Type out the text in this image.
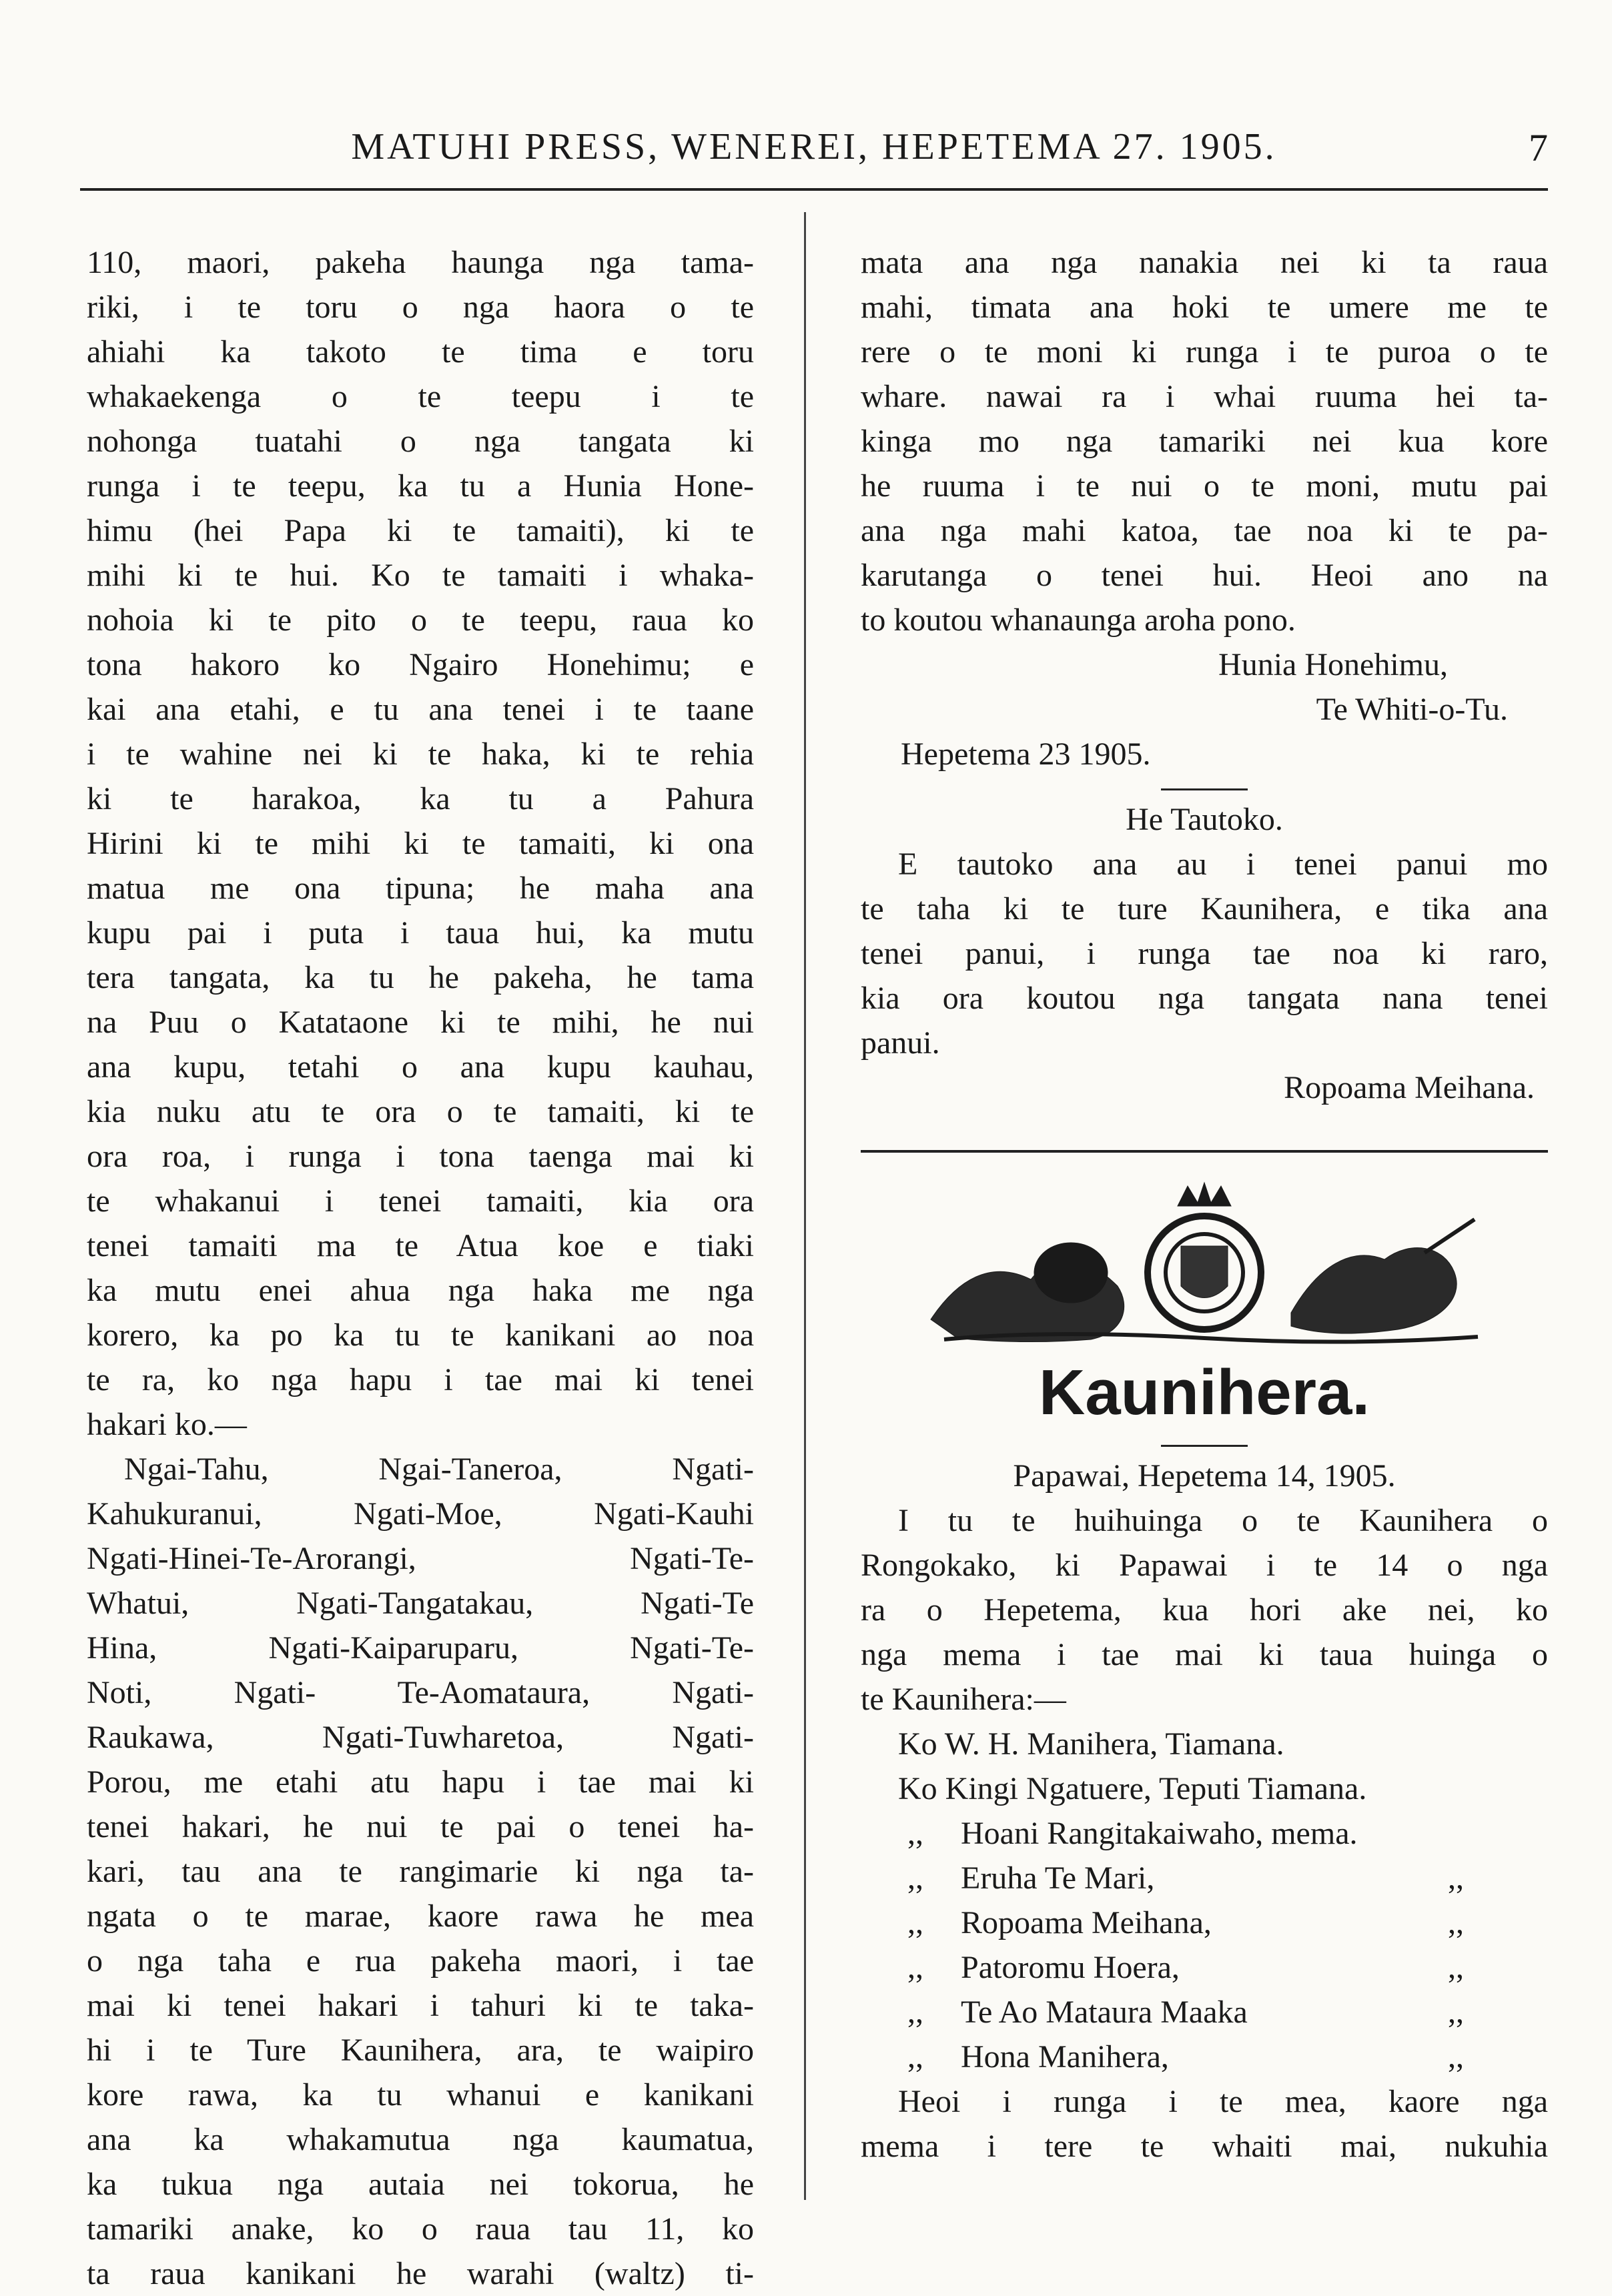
MATUHI PRESS, WENEREI, HEPETEMA 27. 1905.	7
110, maori, pakeha haunga nga tama-
riki, i te toru o nga haora o te
ahiahi ka takoto te tima e toru
whakaekenga o te teepu i te
nohonga tuatahi o nga tangata ki
runga i te teepu, ka tu a Hunia Hone-
himu (hei Papa ki te tamaiti), ki te
mihi ki te hui. Ko te tamaiti i whaka-
nohoia ki te pito o te teepu, raua ko
tona hakoro ko Ngairo Honehimu; e
kai ana etahi, e tu ana tenei i te taane
i te wahine nei ki te haka, ki te rehia
ki te harakoa, ka tu a Pahura
Hirini ki te mihi ki te tamaiti, ki ona
matua me ona tipuna; he maha ana
kupu pai i puta i taua hui, ka mutu
tera tangata, ka tu he pakeha, he tama
na Puu o Katataone ki te mihi, he nui
ana kupu, tetahi o ana kupu kauhau,
kia nuku atu te ora o te tamaiti, ki te
ora roa, i runga i tona taenga mai ki
te whakanui i tenei tamaiti, kia ora
tenei tamaiti ma te Atua koe e tiaki
ka mutu enei ahua nga haka me nga
korero, ka po ka tu te kanikani ao noa
te ra, ko nga hapu i tae mai ki tenei
hakari ko.—
Ngai-Tahu, Ngai-Taneroa, Ngati-
Kahukuranui, Ngati-Moe, Ngati-Kauhi
Ngati-Hinei-Te-Arorangi, Ngati-Te-
Whatui, Ngati-Tangatakau, Ngati-Te
Hina, Ngati-Kaiparuparu, Ngati-Te-
Noti, Ngati- Te-Aomataura, Ngati-
Raukawa, Ngati-Tuwharetoa, Ngati-
Porou, me etahi atu hapu i tae mai ki
tenei hakari, he nui te pai o tenei ha-
kari, tau ana te rangimarie ki nga ta-
ngata o te marae, kaore rawa he mea
o nga taha e rua pakeha maori, i tae
mai ki tenei hakari i tahuri ki te taka-
hi i te Ture Kaunihera, ara, te waipiro
kore rawa, ka tu whanui e kanikani
ana ka whakamutua nga kaumatua,
ka tukua nga autaia nei tokorua, he
tamariki anake, ko o raua tau 11, ko
ta raua kanikani he warahi (waltz) ti-
mata ana nga nanakia nei ki ta raua
mahi, timata ana hoki te umere me te
rere o te moni ki runga i te puroa o te
whare. nawai ra i whai ruuma hei ta-
kinga mo nga tamariki nei kua kore
he ruuma i te nui o te moni, mutu pai
ana nga mahi katoa, tae noa ki te pa-
karutanga o tenei hui. Heoi ano na
to koutou whanaunga aroha pono.
Hunia Honehimu,
Te Whiti-o-Tu.
Hepetema 23 1905.
He Tautoko.
E tautoko ana au i tenei panui mo
te taha ki te ture Kaunihera, e tika ana
tenei panui, i runga tae noa ki raro,
kia ora koutou nga tangata nana tenei
panui.
Ropoama Meihana.
Kaunihera.
Papawai, Hepetema 14, 1905.
I tu te huihuinga o te Kaunihera o
Rongokako, ki Papawai i te 14 o nga
ra o Hepetema, kua hori ake nei, ko
nga mema i tae mai ki taua huinga o
te Kaunihera:—
Ko W. H. Manihera, Tiamana.
Ko Kingi Ngatuere, Teputi Tiamana.
,,	Hoani Rangitakaiwaho, mema.
,,	Eruha Te Mari,	,,
,,	Ropoama Meihana,	,,
,,	Patoromu Hoera,	,,
,,	Te Ao Mataura Maaka	,,
,,	Hona Manihera,	,,
Heoi i runga i te mea, kaore nga
mema i tere te whaiti mai, nukuhia
